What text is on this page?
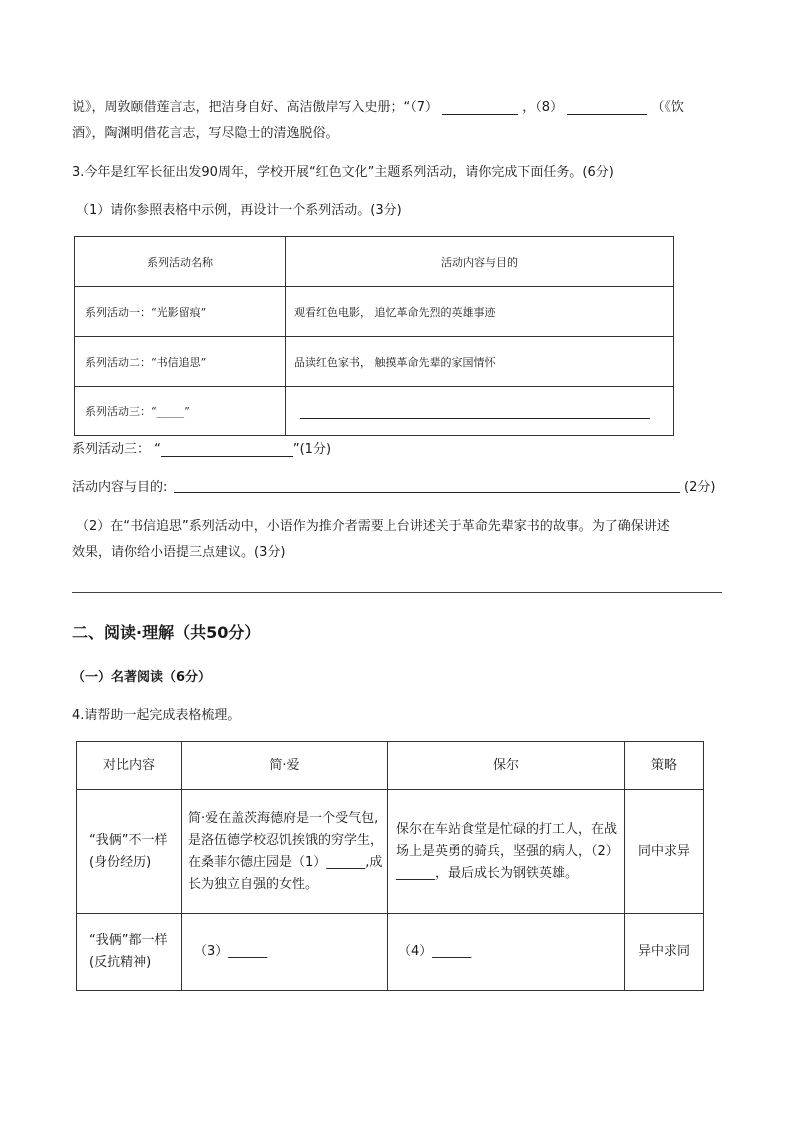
说》，周敦颐借莲言志，把洁身自好、高洁傲岸写入史册；“（7）	，（8）	（《饮
酒》，陶渊明借花言志，写尽隐士的清逸脱俗。
3.今年是红军长征出发90周年，学校开展“红色文化”主题系列活动，请你完成下面任务。(6分)
（1）请你参照表格中示例，再设计一个系列活动。(3分)
系列活动名称	活动内容与目的
系列活动一：“光影留痕”	观看红色电影， 追忆革命先烈的英雄事迹
系列活动二：“书信追思”	品读红色家书， 触摸革命先辈的家国情怀
系列活动三：“_____”	
系列活动三： “	”(1分)
活动内容与目的:	(2分)
（2）在“书信追思”系列活动中，小语作为推介者需要上台讲述关于革命先辈家书的故事。为了确保讲述
效果，请你给小语提三点建议。(3分)
二、阅读·理解（共50分）
（一）名著阅读（6分）
4.请帮助一起完成表格梳理。
对比内容	简·爱	保尔	策略
“我俩”不一样(身份经历)	简·爱在盖茨海德府是一个受气包,是洛伍德学校忍饥挨饿的穷学生，在桑菲尔德庄园是（1）______,成长为独立自强的女性。	保尔在车站食堂是忙碌的打工人，在战场上是英勇的骑兵，坚强的病人，（2）______，最后成长为钢铁英雄。	同中求异
“我俩”都一样(反抗精神)	（3）______	（4）______	异中求同
